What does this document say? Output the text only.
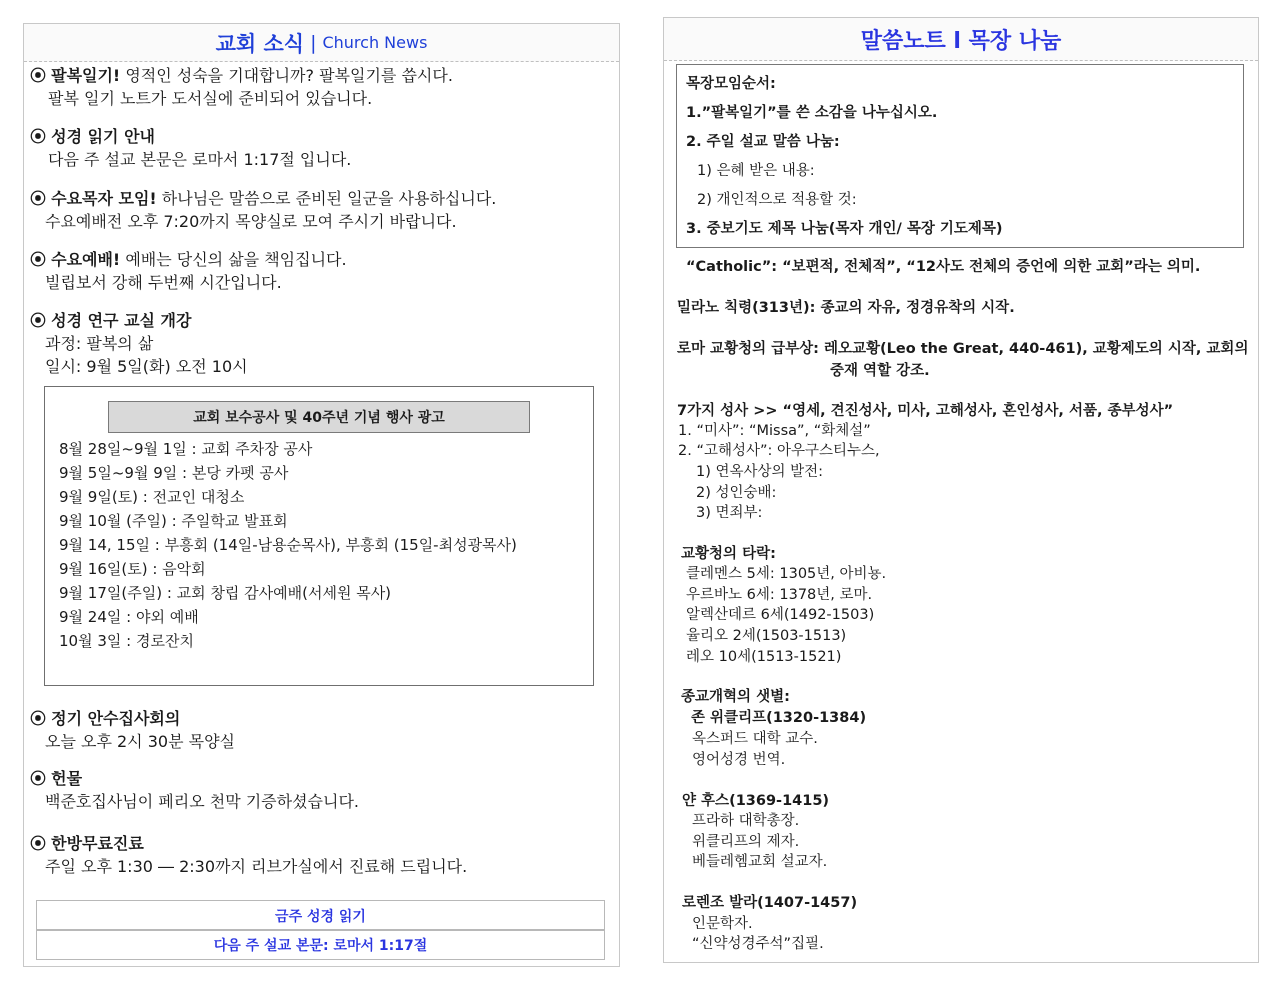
교회 소식 | Church News
⦿ 팔복일기! 영적인 성숙을 기대합니까? 팔복일기를 씁시다.
팔복 일기 노트가 도서실에 준비되어 있습니다.
⦿ 성경 읽기 안내
다음 주 설교 본문은 로마서 1:17절 입니다.
⦿ 수요목자 모임! 하나님은 말씀으로 준비된 일군을 사용하십니다.
수요예배전 오후 7:20까지 목양실로 모여 주시기 바랍니다.
⦿ 수요예배! 예배는 당신의 삶을 책임집니다.
빌립보서 강해 두번째 시간입니다.
⦿ 성경 연구 교실 개강
과정: 팔복의 삶
일시: 9월 5일(화) 오전 10시
교회 보수공사 및 40주년 기념 행사 광고
8월 28일~9월 1일 : 교회 주차장 공사
9월 5일~9월 9일 : 본당 카펫 공사
9월 9일(토) : 전교인 대청소
9월 10월 (주일) : 주일학교 발표회
9월 14, 15일 : 부흥회 (14일-남용순목사), 부흥회 (15일-최성광목사)
9월 16일(토) : 음악회
9월 17일(주일) : 교회 창립 감사예배(서세원 목사)
9월 24일 : 야외 예배
10월 3일 : 경로잔치
⦿ 정기 안수집사회의
오늘 오후 2시 30분 목양실
⦿ 헌물
백준호집사님이 페리오 천막 기증하셨습니다.
⦿ 한방무료진료
주일 오후 1:30 ― 2:30까지 리브가실에서 진료해 드립니다.
금주 성경 읽기
다음 주 설교 본문: 로마서 1:17절
말씀노트 l 목장 나눔
목장모임순서:
1.”팔복일기”를 쓴 소감을 나누십시오.
2. 주일 설교 말씀 나눔:
1) 은혜 받은 내용:
2) 개인적으로 적용할 것:
3. 중보기도 제목 나눔(목자 개인/ 목장 기도제목)
“Catholic”: “보편적, 전체적”, “12사도 전체의 증언에 의한 교회”라는 의미.
밀라노 칙령(313년): 종교의 자유, 정경유착의 시작.
로마 교황청의 급부상: 레오교황(Leo the Great, 440-461), 교황제도의 시작, 교회의
중재 역할 강조.
7가지 성사 >> “영세, 견진성사, 미사, 고해성사, 혼인성사, 서품, 종부성사”
1. “미사”: “Missa”, “화체설”
2. “고해성사”: 아우구스티누스,
1) 연옥사상의 발전:
2) 성인숭배:
3) 면죄부:
교황청의 타락:
클레멘스 5세: 1305년, 아비뇽.
우르바노 6세: 1378년, 로마.
알렉산데르 6세(1492-1503)
율리오 2세(1503-1513)
레오 10세(1513-1521)
종교개혁의 샛별:
존 위클리프(1320-1384)
옥스퍼드 대학 교수.
영어성경 번역.
얀 후스(1369-1415)
프라하 대학총장.
위클리프의 제자.
베들레헴교회 설교자.
로렌조 발라(1407-1457)
인문학자.
“신약성경주석”집필.
